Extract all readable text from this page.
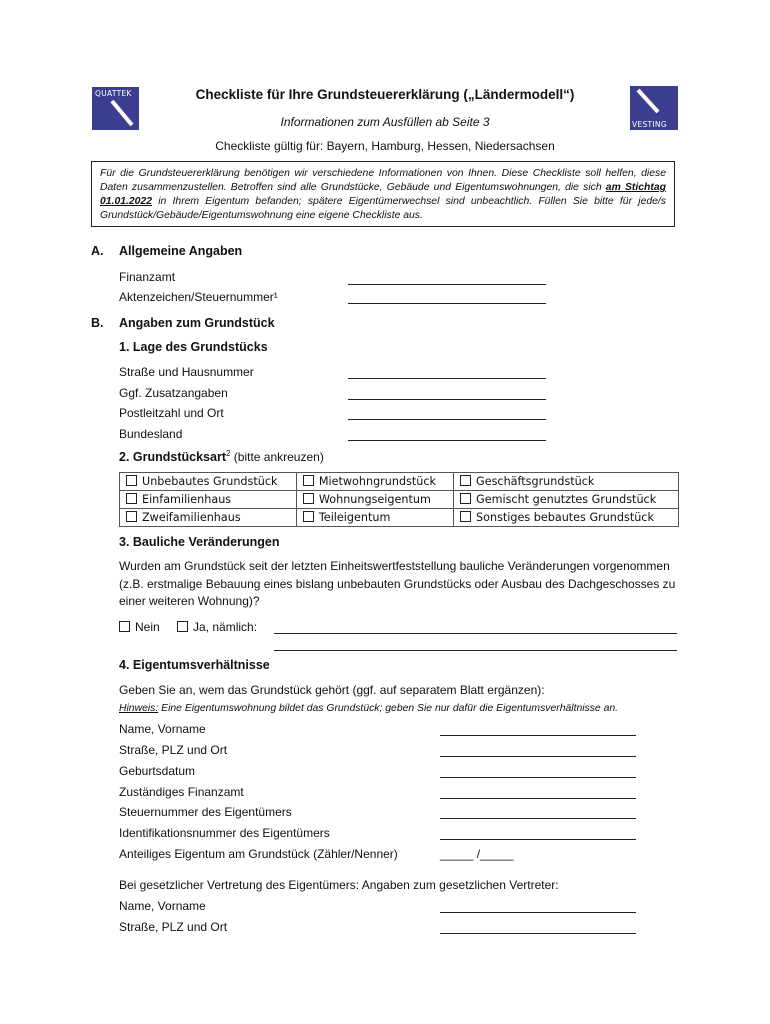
QUATTEK
VESTING
Checkliste für Ihre Grundsteuererklärung („Ländermodell“)
Informationen zum Ausfüllen ab Seite 3
Checkliste gültig für: Bayern, Hamburg, Hessen, Niedersachsen
Für die Grundsteuererklärung benötigen wir verschiedene Informationen von Ihnen. Diese Checkliste soll helfen, diese Daten zusammenzustellen. Betroffen sind alle Grundstücke, Gebäude und Eigentumswohnungen, die sich am Stichtag 01.01.2022 in Ihrem Eigentum befanden; spätere Eigentümerwechsel sind unbeachtlich. Füllen Sie bitte für jede/s Grundstück/Gebäude/Eigentumswohnung eine eigene Checkliste aus.
A. Allgemeine Angaben
Finanzamt
Aktenzeichen/Steuernummer¹
B. Angaben zum Grundstück
1. Lage des Grundstücks
Straße und Hausnummer
Ggf. Zusatzangaben
Postleitzahl und Ort
Bundesland
2. Grundstücksart$^2$ (bitte ankreuzen)
Unbebautes Grundstück	Mietwohngrundstück	Geschäftsgrundstück
Einfamilienhaus	Wohnungseigentum	Gemischt genutztes Grundstück
Zweifamilienhaus	Teileigentum	Sonstiges bebautes Grundstück
3. Bauliche Veränderungen
Wurden am Grundstück seit der letzten Einheitswertfeststellung bauliche Veränderungen vorgenommen (z.B. erstmalige Bebauung eines bislang unbebauten Grundstücks oder Ausbau des Dachgeschosses zu einer weiteren Wohnung)?
Nein	Ja, nämlich:
4. Eigentumsverhältnisse
Geben Sie an, wem das Grundstück gehört (ggf. auf separatem Blatt ergänzen):
Hinweis: Eine Eigentumswohnung bildet das Grundstück; geben Sie nur dafür die Eigentumsverhältnisse an.
Name, Vorname
Straße, PLZ und Ort
Geburtsdatum
Zuständiges Finanzamt
Steuernummer des Eigentümers
Identifikationsnummer des Eigentümers
Anteiliges Eigentum am Grundstück (Zähler/Nenner)	_____ /_____
Bei gesetzlicher Vertretung des Eigentümers: Angaben zum gesetzlichen Vertreter:
Name, Vorname
Straße, PLZ und Ort
